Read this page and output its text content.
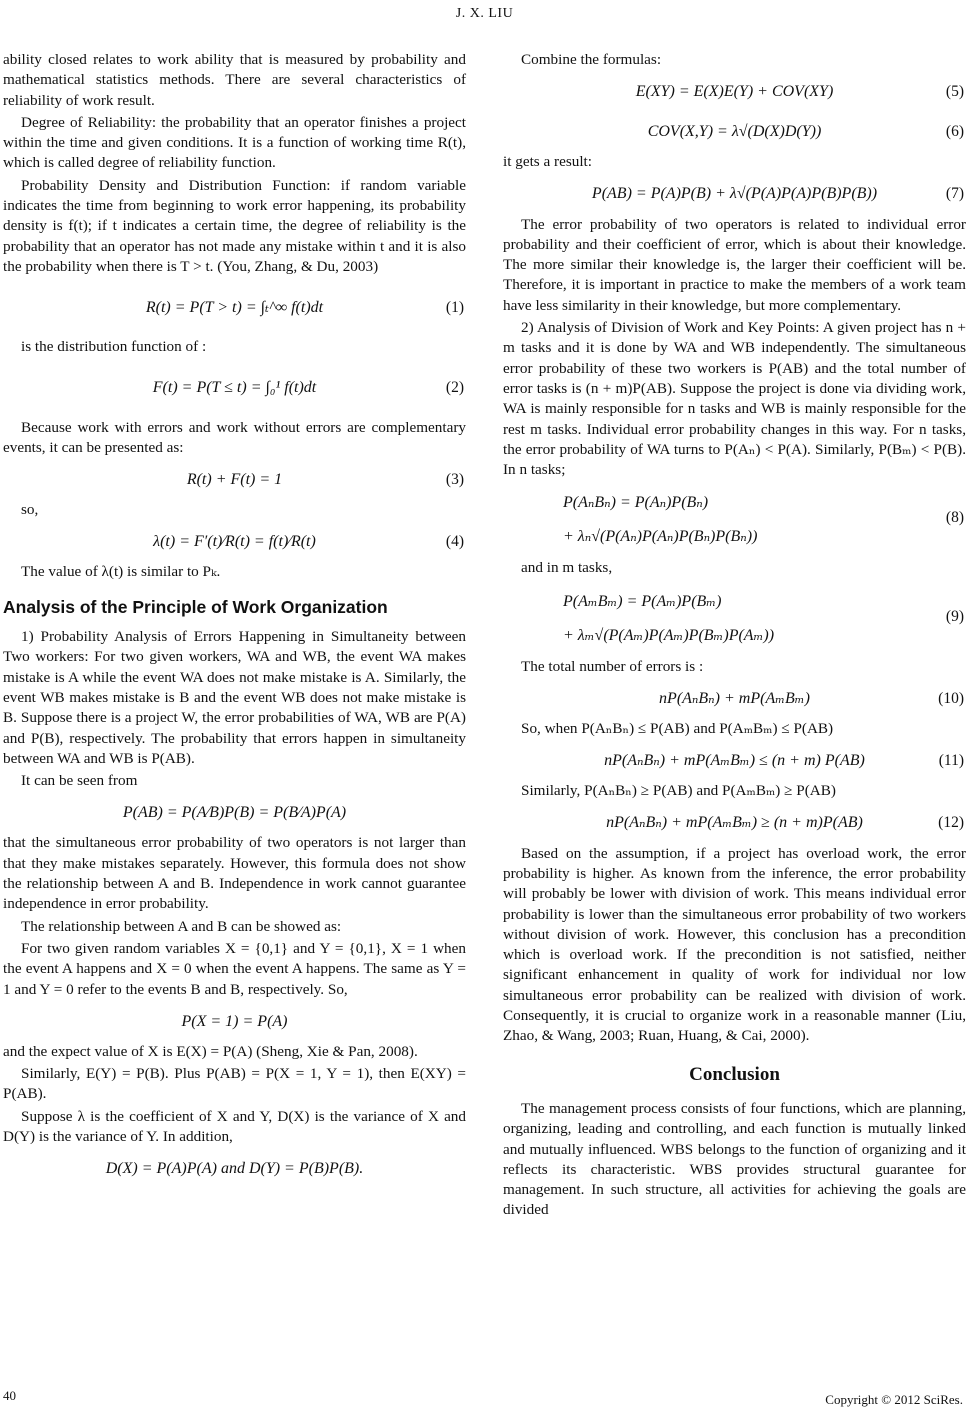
J. X. LIU

ability closed relates to work ability that is measured by probability and mathematical statistics methods. There are several characteristics of reliability of work result.

Degree of Reliability: the probability that an operator finishes a project within the time and given conditions. It is a function of working time R(t), which is called degree of reliability function.

Probability Density and Distribution Function: if random variable indicates the time from beginning to work error happening, its probability density is f(t); if t indicates a certain time, the degree of reliability is the probability that an operator has not made any mistake within t and it is also the probability when there is T > t. (You, Zhang, & Du, 2003)

R(t) = P(T > t) = ∫ₜ^∞ f(t)dt	(1)

is the distribution function of :

F(t) = P(T ≤ t) = ∫₀¹ f(t)dt	(2)

Because work with errors and work without errors are complementary events, it can be presented as:

R(t) + F(t) = 1	(3)

so,

λ(t) = F′(t)⁄R(t) = f(t)⁄R(t)	(4)

The value of λ(t) is similar to Pₖ.

Analysis of the Principle of Work Organization

1) Probability Analysis of Errors Happening in Simultaneity between Two workers: For two given workers, WA and WB, the event WA makes mistake is A while the event WA does not make mistake is A. Similarly, the event WB makes mistake is B and the event WB does not make mistake is B. Suppose there is a project W, the error probabilities of WA, WB are P(A) and P(B), respectively. The probability that errors happen in simultaneity between WA and WB is P(AB).

It can be seen from

P(AB) = P(A⁄B)P(B) = P(B⁄A)P(A)

that the simultaneous error probability of two operators is not larger than that they make mistakes separately. However, this formula does not show the relationship between A and B. Independence in work cannot guarantee independence in error probability.

The relationship between A and B can be showed as:

For two given random variables X = {0,1} and Y = {0,1}, X = 1 when the event A happens and X = 0 when the event A happens. The same as Y = 1 and Y = 0 refer to the events B and B, respectively. So,

P(X = 1) = P(A)

and the expect value of X is E(X) = P(A) (Sheng, Xie & Pan, 2008).

Similarly, E(Y) = P(B). Plus P(AB) = P(X = 1, Y = 1), then E(XY) = P(AB).

Suppose λ is the coefficient of X and Y, D(X) is the variance of X and D(Y) is the variance of Y. In addition,

D(X) = P(A)P(A) and D(Y) = P(B)P(B).

Combine the formulas:

E(XY) = E(X)E(Y) + COV(XY)	(5)
COV(X,Y) = λ√(D(X)D(Y))	(6)

it gets a result:

P(AB) = P(A)P(B) + λ√(P(A)P(A)P(B)P(B))	(7)

The error probability of two operators is related to individual error probability and their coefficient of error, which is about their knowledge. The more similar their knowledge is, the larger their coefficient will be. Therefore, it is important in practice to make the members of a work team have less similarity in their knowledge, but more complementary.

2) Analysis of Division of Work and Key Points: A given project has n + m tasks and it is done by WA and WB independently. The simultaneous error probability of these two workers is P(AB) and the total number of error tasks is (n + m)P(AB). Suppose the project is done via dividing work, WA is mainly responsible for n tasks and WB is mainly responsible for the rest m tasks. Individual error probability changes in this way. For n tasks, the error probability of WA turns to P(Aₙ) < P(A). Similarly, P(Bₘ) < P(B). In n tasks;

P(AₙBₙ) = P(Aₙ)P(Bₙ)
+ λₙ√(P(Aₙ)P(Aₙ)P(Bₙ)P(Bₙ))
(8)

and in m tasks,

P(AₘBₘ) = P(Aₘ)P(Bₘ)
+ λₘ√(P(Aₘ)P(Aₘ)P(Bₘ)P(Aₘ))
(9)

The total number of errors is :

nP(AₙBₙ) + mP(AₘBₘ)	(10)

So, when P(AₙBₙ) ≤ P(AB) and P(AₘBₘ) ≤ P(AB)

nP(AₙBₙ) + mP(AₘBₘ) ≤ (n + m) P(AB)	(11)

Similarly, P(AₙBₙ) ≥ P(AB) and P(AₘBₘ) ≥ P(AB)

nP(AₙBₙ) + mP(AₘBₘ) ≥ (n + m)P(AB)	(12)

Based on the assumption, if a project has overload work, the error probability is higher. As known from the inference, the error probability will probably be lower with division of work. This means individual error probability is lower than the simultaneous error probability of two workers without division of work. However, this conclusion has a precondition which is overload work. If the precondition is not satisfied, neither significant enhancement in quality of work for individual nor low simultaneous error probability can be realized with division of work. Consequently, it is crucial to organize work in a reasonable manner (Liu, Zhao, & Wang, 2003; Ruan, Huang, & Cai, 2000).

Conclusion

The management process consists of four functions, which are planning, organizing, leading and controlling, and each function is mutually linked and mutually influenced. WBS belongs to the function of organizing and it reflects its characteristic. WBS provides structural guarantee for management. In such structure, all activities for achieving the goals are divided

40	Copyright © 2012 SciRes.
